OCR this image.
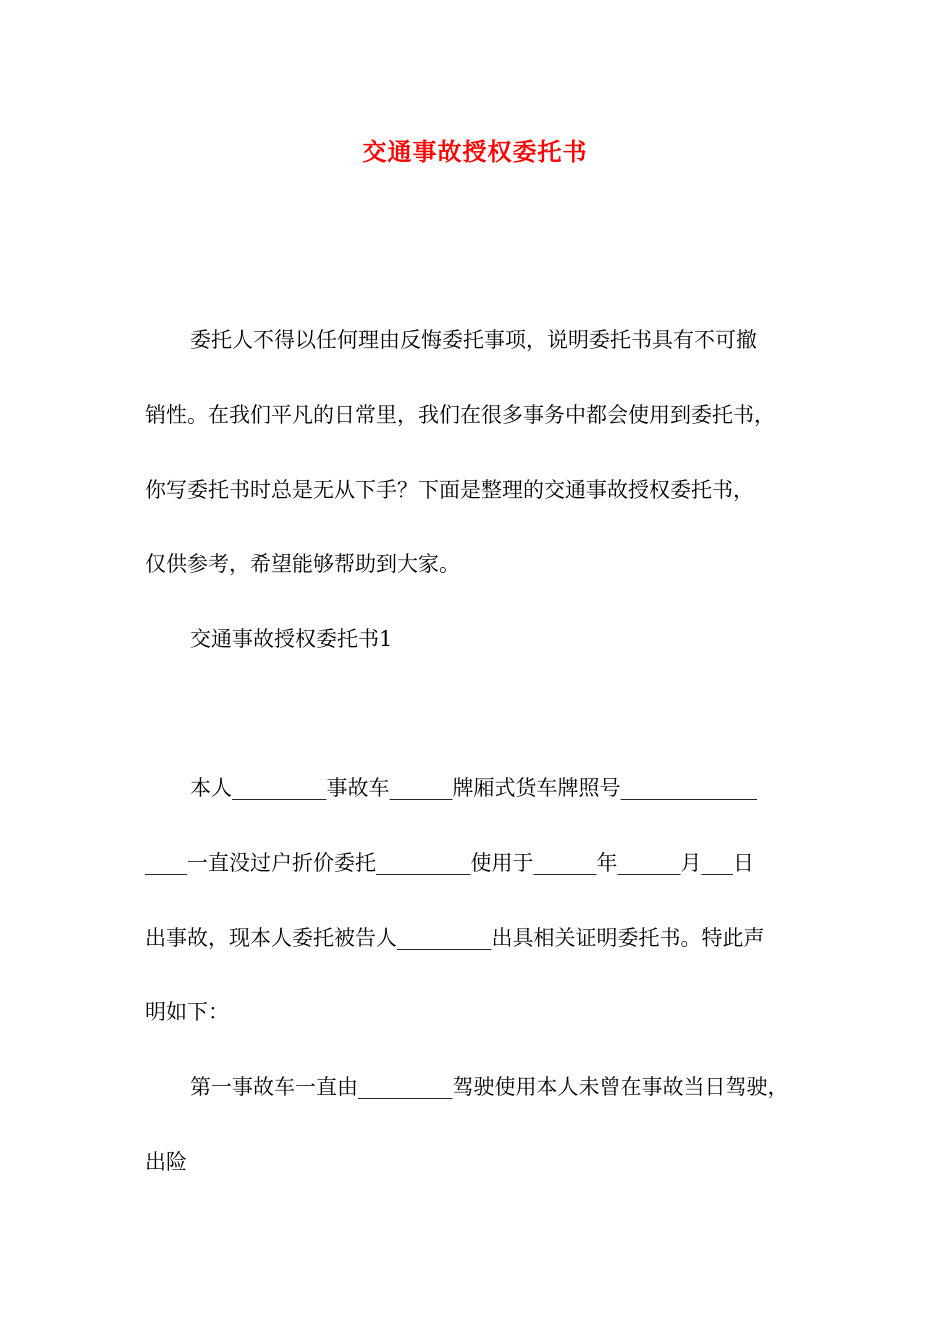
交通事故授权委托书
委托人不得以任何理由反悔委托事项，说明委托书具有不可撤
销性。在我们平凡的日常里，我们在很多事务中都会使用到委托书，
你写委托书时总是无从下手？下面是整理的交通事故授权委托书，
仅供参考，希望能够帮助到大家。
交通事故授权委托书1
本人_________事故车______牌厢式货车牌照号_____________
____一直没过户折价委托_________使用于______年______月___日
出事故，现本人委托被告人_________出具相关证明委托书。特此声
明如下：
第一事故车一直由_________驾驶使用本人未曾在事故当日驾驶，
出险
